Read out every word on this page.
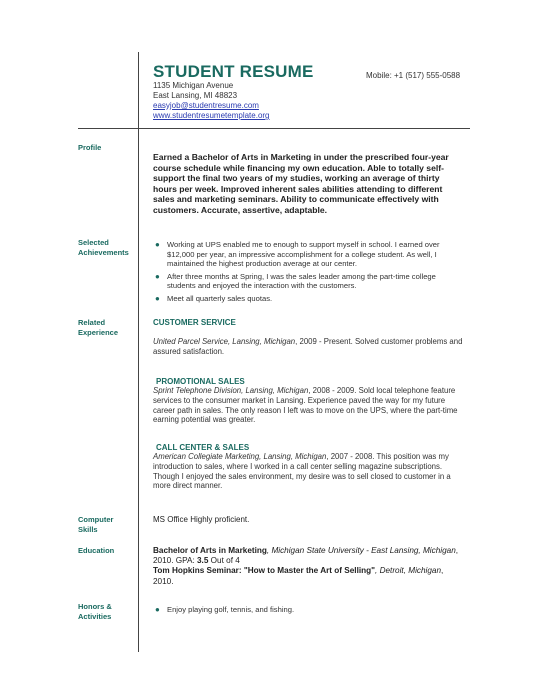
STUDENT RESUME
1135 Michigan Avenue
East Lansing, MI 48823
easyjob@studentresume.com
www.studentresumetemplate.org
Mobile: +1 (517) 555-0588
Profile
Earned a Bachelor of Arts in Marketing in under the prescribed four-year course schedule while financing my own education. Able to totally self-support the final two years of my studies, working an average of thirty hours per week. Improved inherent sales abilities attending to different sales and marketing seminars. Ability to communicate effectively with customers. Accurate, assertive, adaptable.
Selected
Achievements
● Working at UPS enabled me to enough to support myself in school. I earned over $12,000 per year, an impressive accomplishment for a college student. As well, I maintained the highest production average at our center.
● After three months at Spring, I was the sales leader among the part-time college students and enjoyed the interaction with the customers.
● Meet all quarterly sales quotas.
Related
Experience
CUSTOMER SERVICE
United Parcel Service, Lansing, Michigan, 2009 - Present. Solved customer problems and assured satisfaction.
PROMOTIONAL SALES
Sprint Telephone Division, Lansing, Michigan, 2008 - 2009. Sold local telephone feature services to the consumer market in Lansing. Experience paved the way for my future career path in sales. The only reason I left was to move on the UPS, where the part-time earning potential was greater.
CALL CENTER & SALES
American Collegiate Marketing, Lansing, Michigan, 2007 - 2008. This position was my introduction to sales, where I worked in a call center selling magazine subscriptions. Though I enjoyed the sales environment, my desire was to sell closed to customer in a more direct manner.
Computer
Skills
MS Office Highly proficient.
Education	Bachelor of Arts in Marketing, Michigan State University - East Lansing, Michigan, 2010. GPA: 3.5 Out of 4
Tom Hopkins Seminar: "How to Master the Art of Selling", Detroit, Michigan, 2010.
Honors &
Activities
● Enjoy playing golf, tennis, and fishing.
